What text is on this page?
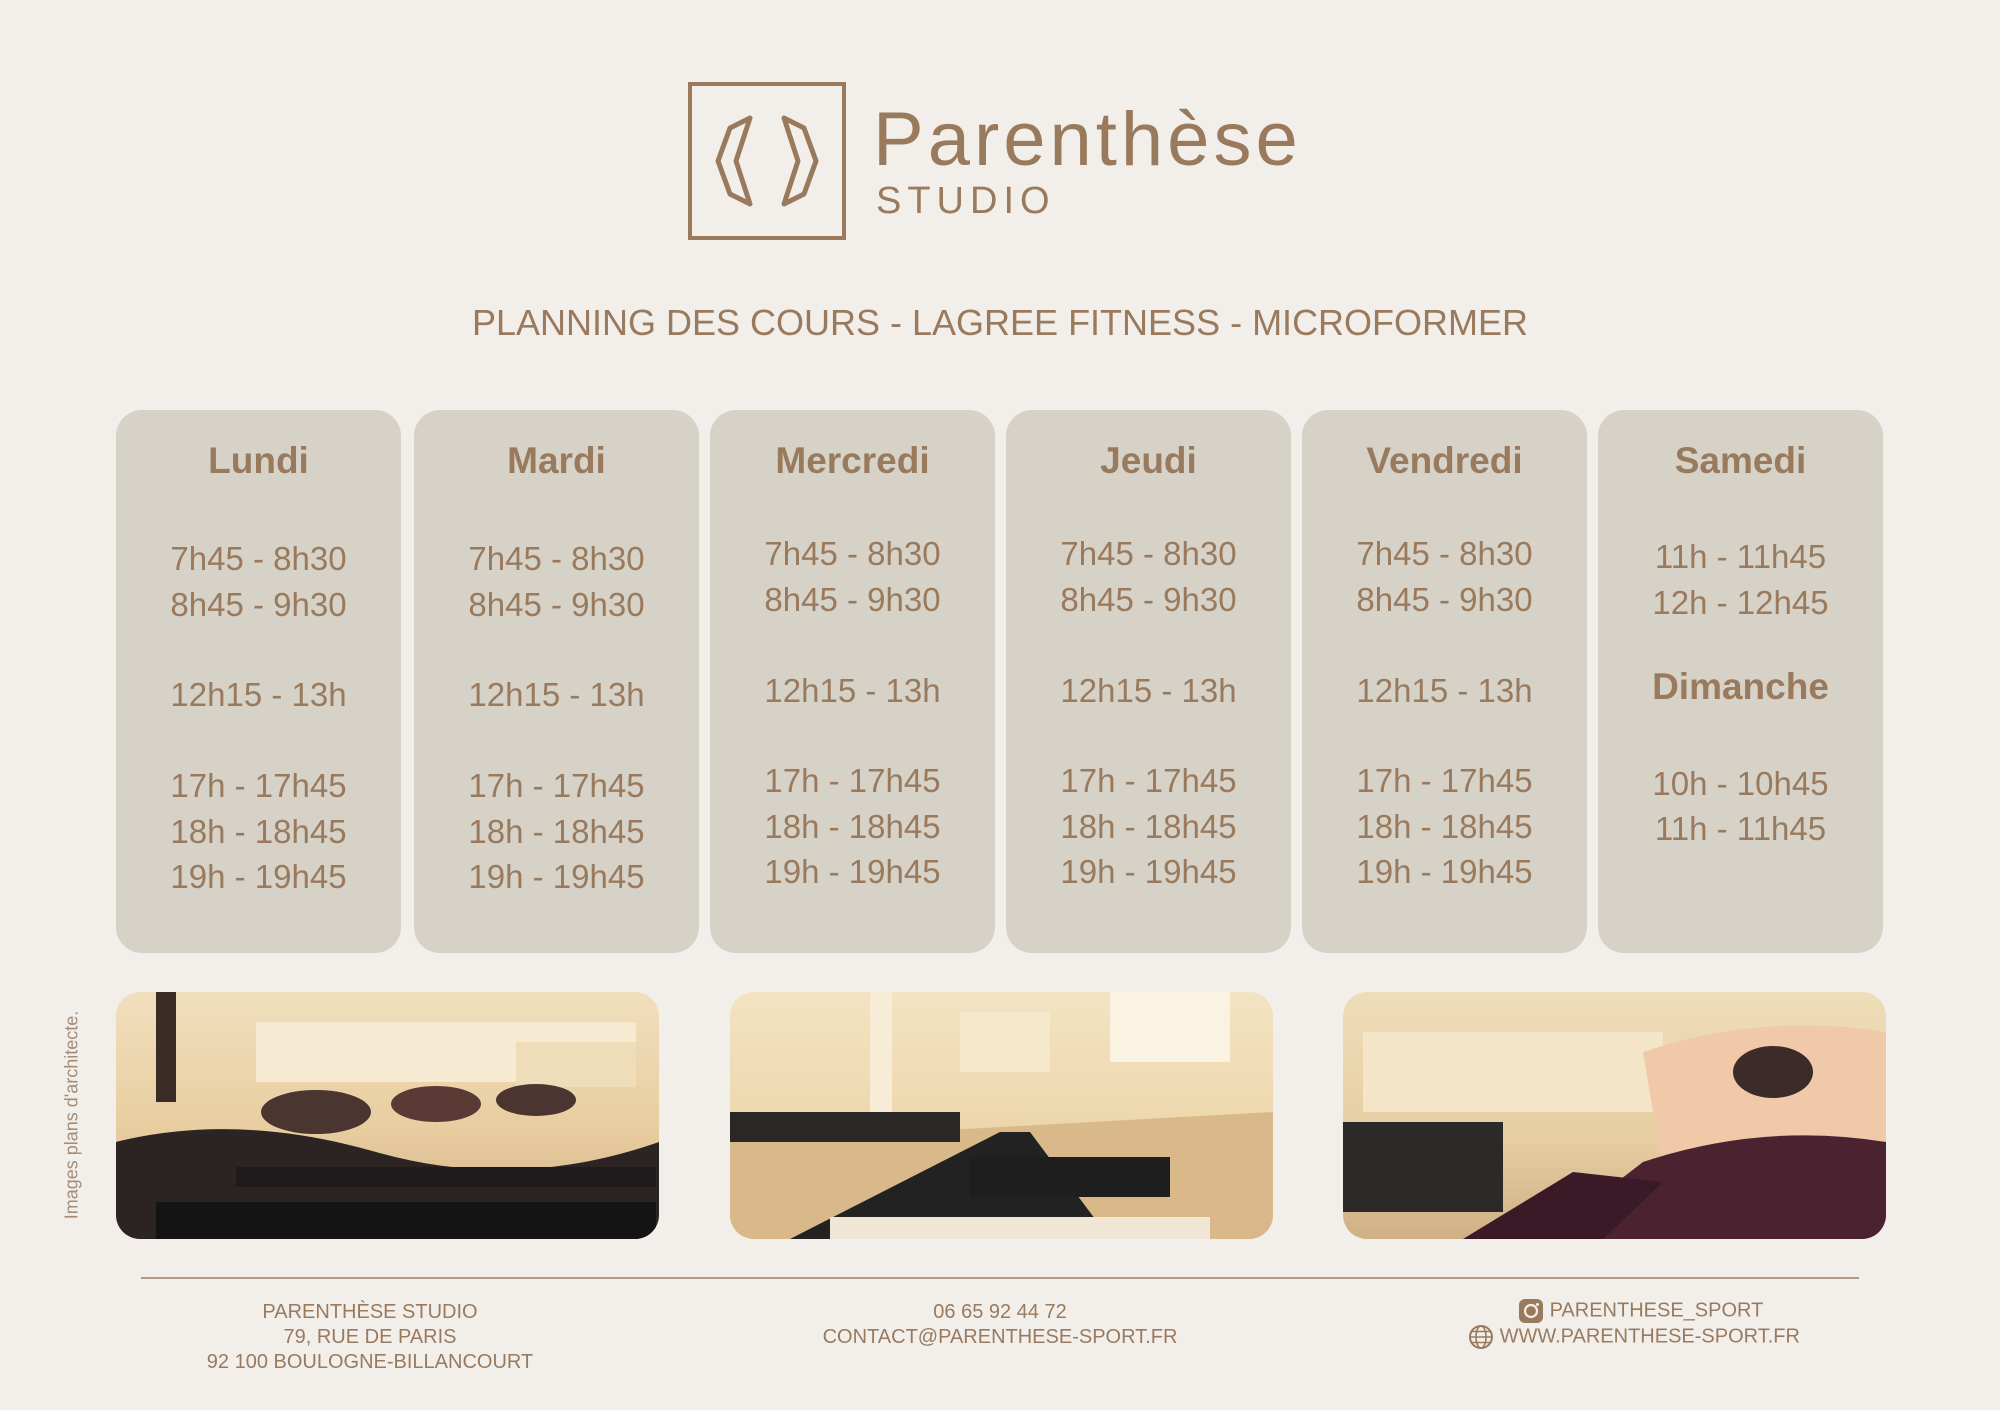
Parenthèse
STUDIO
PLANNING DES COURS - LAGREE FITNESS - MICROFORMER
Lundi
7h45 - 8h30
8h45 - 9h30
12h15 - 13h
17h - 17h45
18h - 18h45
19h - 19h45
Mardi
7h45 - 8h30
8h45 - 9h30
12h15 - 13h
17h - 17h45
18h - 18h45
19h - 19h45
Mercredi
7h45 - 8h30
8h45 - 9h30
12h15 - 13h
17h - 17h45
18h - 18h45
19h - 19h45
Jeudi
7h45 - 8h30
8h45 - 9h30
12h15 - 13h
17h - 17h45
18h - 18h45
19h - 19h45
Vendredi
7h45 - 8h30
8h45 - 9h30
12h15 - 13h
17h - 17h45
18h - 18h45
19h - 19h45
Samedi
11h - 11h45
12h - 12h45
Dimanche
10h - 10h45
11h - 11h45
Images plans d'architecte.
PARENTHÈSE STUDIO
79, RUE DE PARIS
92 100 BOULOGNE-BILLANCOURT
06 65 92 44 72
CONTACT@PARENTHESE-SPORT.FR
PARENTHESE_SPORT
WWW.PARENTHESE-SPORT.FR
